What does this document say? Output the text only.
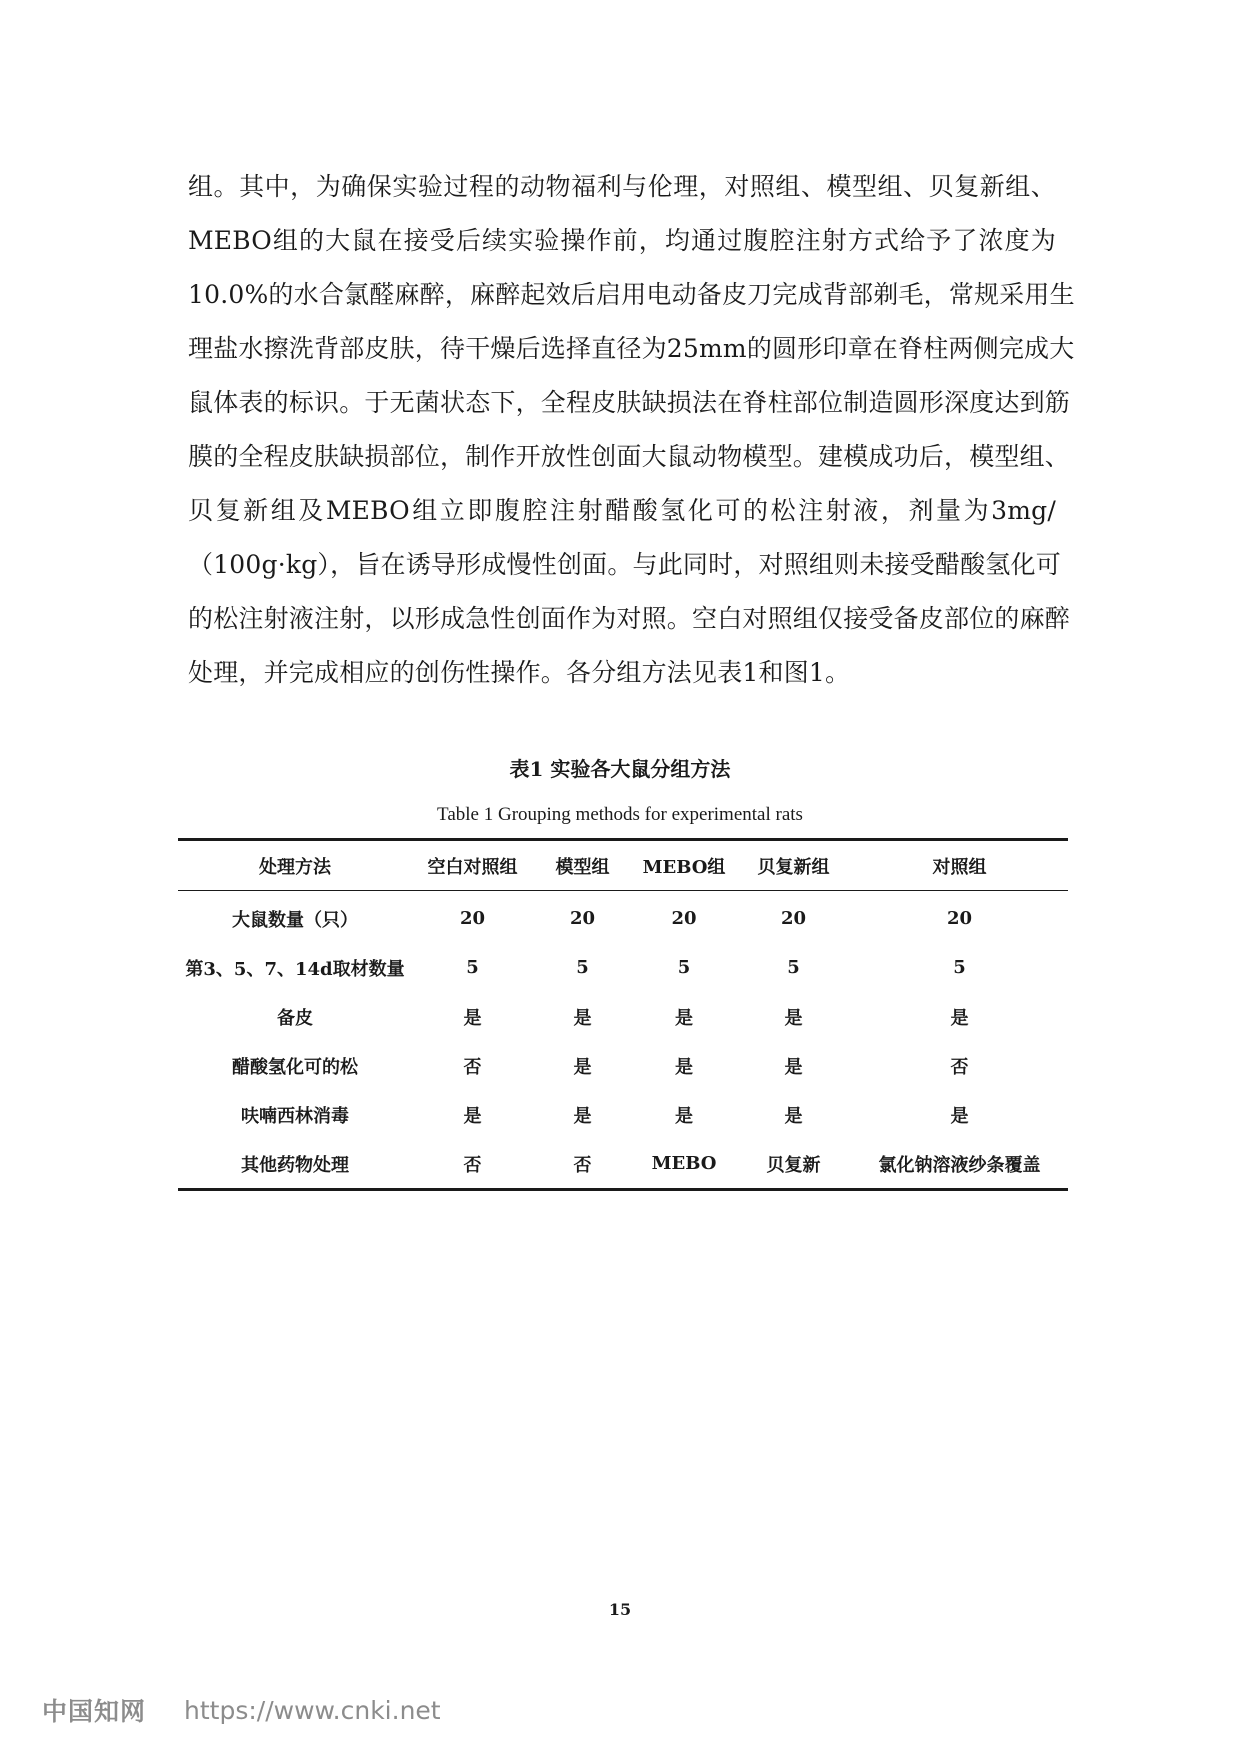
组。其中，为确保实验过程的动物福利与伦理，对照组、模型组、贝复新组、
MEBO组的大鼠在接受后续实验操作前，均通过腹腔注射方式给予了浓度为
10.0%的水合氯醛麻醉，麻醉起效后启用电动备皮刀完成背部剃毛，常规采用生
理盐水擦洗背部皮肤，待干燥后选择直径为25mm的圆形印章在脊柱两侧完成大
鼠体表的标识。于无菌状态下，全程皮肤缺损法在脊柱部位制造圆形深度达到筋
膜的全程皮肤缺损部位，制作开放性创面大鼠动物模型。建模成功后，模型组、
贝复新组及MEBO组立即腹腔注射醋酸氢化可的松注射液，剂量为3mg/
（100g·kg），旨在诱导形成慢性创面。与此同时，对照组则未接受醋酸氢化可
的松注射液注射，以形成急性创面作为对照。空白对照组仅接受备皮部位的麻醉
处理，并完成相应的创伤性操作。各分组方法见表1和图1。
表1 实验各大鼠分组方法
Table 1 Grouping methods for experimental rats
处理方法	空白对照组	模型组	MEBO组	贝复新组	对照组
大鼠数量（只）	20	20	20	20	20
第3、5、7、14d取材数量	5	5	5	5	5
备皮	是	是	是	是	是
醋酸氢化可的松	否	是	是	是	否
呋喃西林消毒	是	是	是	是	是
其他药物处理	否	否	MEBO	贝复新	氯化钠溶液纱条覆盖
15
中国知网 https://www.cnki.net
